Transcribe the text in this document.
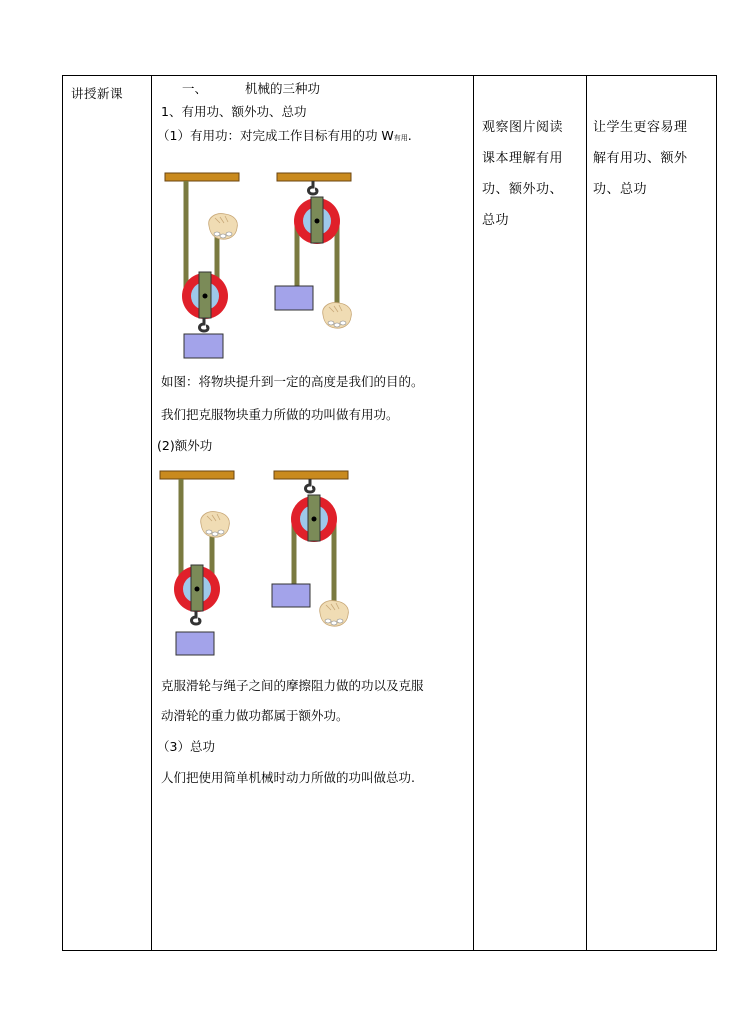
讲授新课	一、	机械的三种功
1、有用功、额外功、总功
（1）有用功：对完成工作目标有用的功 W有用.
如图：将物块提升到一定的高度是我们的目的。
我们把克服物块重力所做的功叫做有用功。
(2)额外功
克服滑轮与绳子之间的摩擦阻力做的功以及克服
动滑轮的重力做功都属于额外功。
（3）总功
人们把使用简单机械时动力所做的功叫做总功.

观察图片阅读
课本理解有用
功、额外功、
总功

让学生更容易理
解有用功、额外
功、总功
